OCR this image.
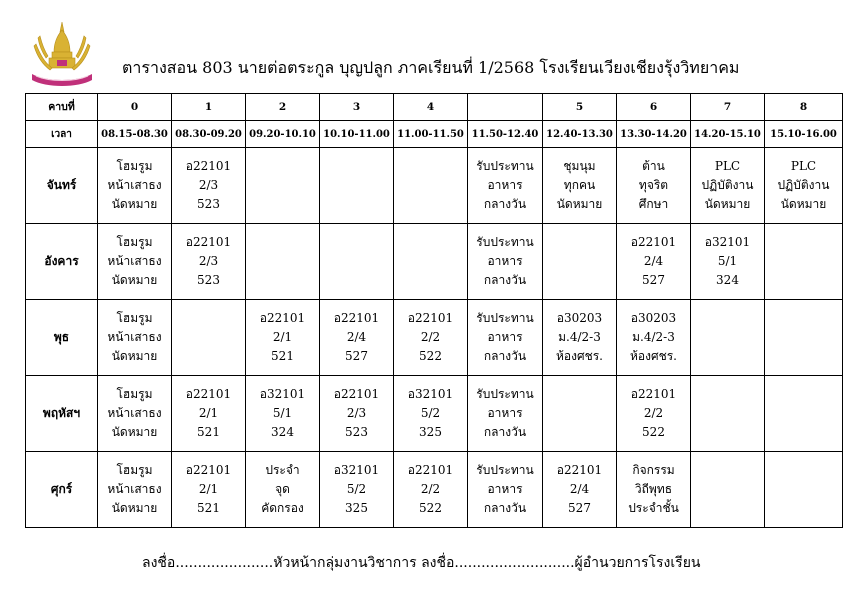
ตารางสอน 803 นายต่อตระกูล บุญปลูก ภาคเรียนที่ 1/2568 โรงเรียนเวียงเชียงรุ้งวิทยาคม
คาบที่	0	1	2	3	4		5	6	7	8
เวลา	08.15-08.30	08.30-09.20	09.20-10.10	10.10-11.00	11.00-11.50	11.50-12.40	12.40-13.30	13.30-14.20	14.20-15.10	15.10-16.00
จันทร์	โฮมรูม
หน้าเสาธง
นัดหมาย	อ22101
2/3
523				รับประทาน
อาหาร
กลางวัน	ชุมนุม
ทุกคน
นัดหมาย	ต้าน
ทุจริต
ศึกษา	PLC
ปฏิบัติงาน
นัดหมาย	PLC
ปฏิบัติงาน
นัดหมาย

อังคาร	โฮมรูม
หน้าเสาธง
นัดหมาย	อ22101
2/3
523				รับประทาน
อาหาร
กลางวัน		อ22101
2/4
527	อ32101
5/1
324	

พุธ	โฮมรูม
หน้าเสาธง
นัดหมาย		อ22101
2/1
521	อ22101
2/4
527	อ22101
2/2
522	รับประทาน
อาหาร
กลางวัน	อ30203
ม.4/2-3
ห้องศชร.	อ30203
ม.4/2-3
ห้องศชร.		

พฤหัสฯ	โฮมรูม
หน้าเสาธง
นัดหมาย	อ22101
2/1
521	อ32101
5/1
324	อ22101
2/3
523	อ32101
5/2
325	รับประทาน
อาหาร
กลางวัน		อ22101
2/2
522		

ศุกร์	โฮมรูม
หน้าเสาธง
นัดหมาย	อ22101
2/1
521	ประจำ
จุด
คัดกรอง	อ32101
5/2
325	อ22101
2/2
522	รับประทาน
อาหาร
กลางวัน	อ22101
2/4
527	กิจกรรม
วิถีพุทธ
ประจำชั้น		

ลงชื่อ......................หัวหน้ากลุ่มงานวิชาการ ลงชื่อ...........................ผู้อำนวยการโรงเรียน
